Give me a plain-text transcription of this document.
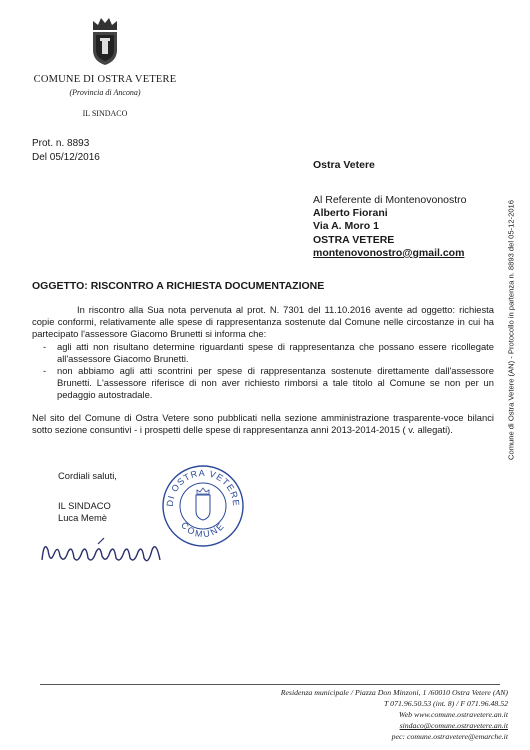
COMUNE DI OSTRA VETERE
(Provincia di Ancona)
IL SINDACO
Prot. n. 8893
Del 05/12/2016
Ostra Vetere
Al Referente di Montenovonostro
Alberto Fiorani
Via A. Moro 1
OSTRA VETERE
montenovonostro@gmail.com
OGGETTO: RISCONTRO A RICHIESTA DOCUMENTAZIONE

In riscontro alla Sua nota pervenuta al prot. N. 7301 del 11.10.2016 avente ad oggetto: richiesta copie conformi, relativamente alle spese di rappresentanza sostenute dal Comune nelle circostanze in cui ha partecipato l'assessore Giacomo Brunetti si informa che:

- agli atti non risultano determine riguardanti spese di rappresentanza che possano essere ricollegate all'assessore Giacomo Brunetti.
- non abbiamo agli atti scontrini per spese di rappresentanza sostenute direttamente dall'assessore Brunetti. L'assessore riferisce di non aver richiesto rimborsi a tale titolo al Comune se non per un pedaggio autostradale.

Nel sito del Comune di Ostra Vetere sono pubblicati nella sezione amministrazione trasparente-voce bilanci sotto sezione consuntivi - i prospetti delle spese di rappresentanza anni 2013-2014-2015 ( v. allegati).

Cordiali saluti,
IL SINDACO
Luca Memè
DI OSTRA VETERE
COMUNE
Comune di Ostra Vetere (AN) - Protocollo in partenza n. 8893 del 05-12-2016
Residenza municipale / Piazza Don Minzoni, 1 /60010 Ostra Vetere (AN)
T 071.96.50.53 (int. 8) / F 071.96.48.52
Web www.comune.ostravetere.an.it
sindaco@comune.ostravetere.an.it
pec: comune.ostravetere@emarche.it
